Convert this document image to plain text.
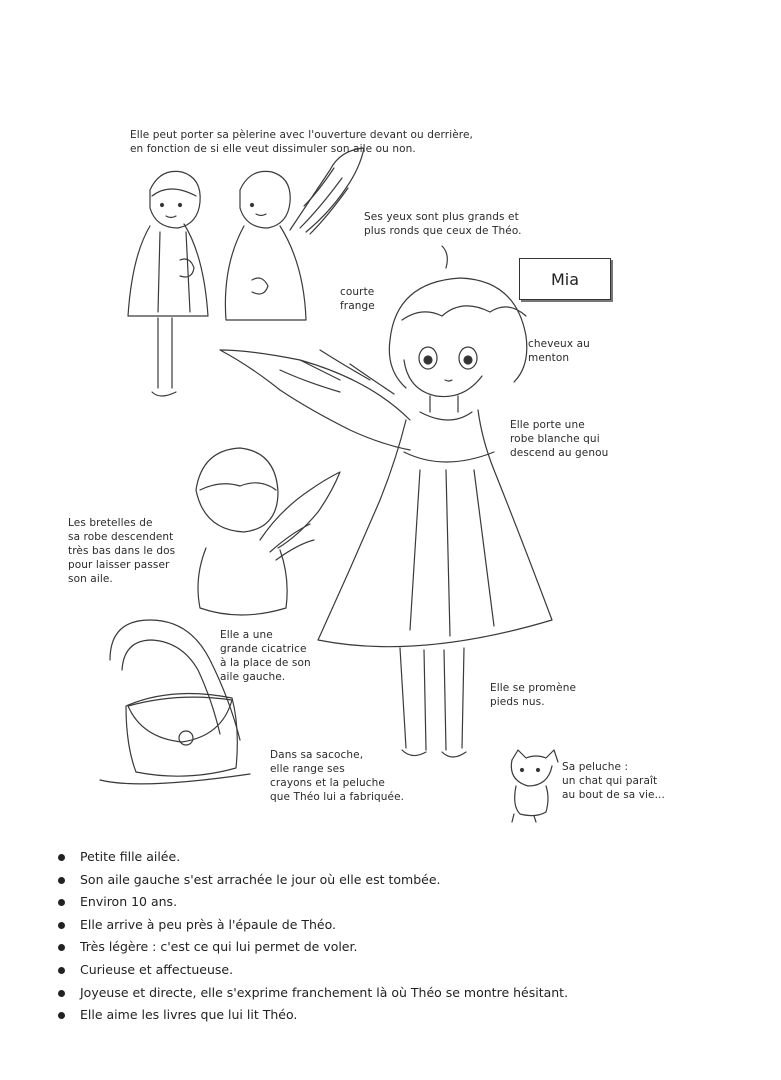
Elle peut porter sa pèlerine avec l'ouverture devant ou derrière,
en fonction de si elle veut dissimuler son aile ou non.
Ses yeux sont plus grands et
plus ronds que ceux de Théo.
courte
frange
Mia
cheveux au
menton
Elle porte une
robe blanche qui
descend au genou
Les bretelles de
sa robe descendent
très bas dans le dos
pour laisser passer
son aile.
Elle a une
grande cicatrice
à la place de son
aile gauche.
Elle se promène
pieds nus.
Dans sa sacoche,
elle range ses
crayons et la peluche
que Théo lui a fabriquée.
Sa peluche :
un chat qui paraît
au bout de sa vie...
Petite fille ailée.
Son aile gauche s'est arrachée le jour où elle est tombée.
Environ 10 ans.
Elle arrive à peu près à l'épaule de Théo.
Très légère : c'est ce qui lui permet de voler.
Curieuse et affectueuse.
Joyeuse et directe, elle s'exprime franchement là où Théo se montre hésitant.
Elle aime les livres que lui lit Théo.
